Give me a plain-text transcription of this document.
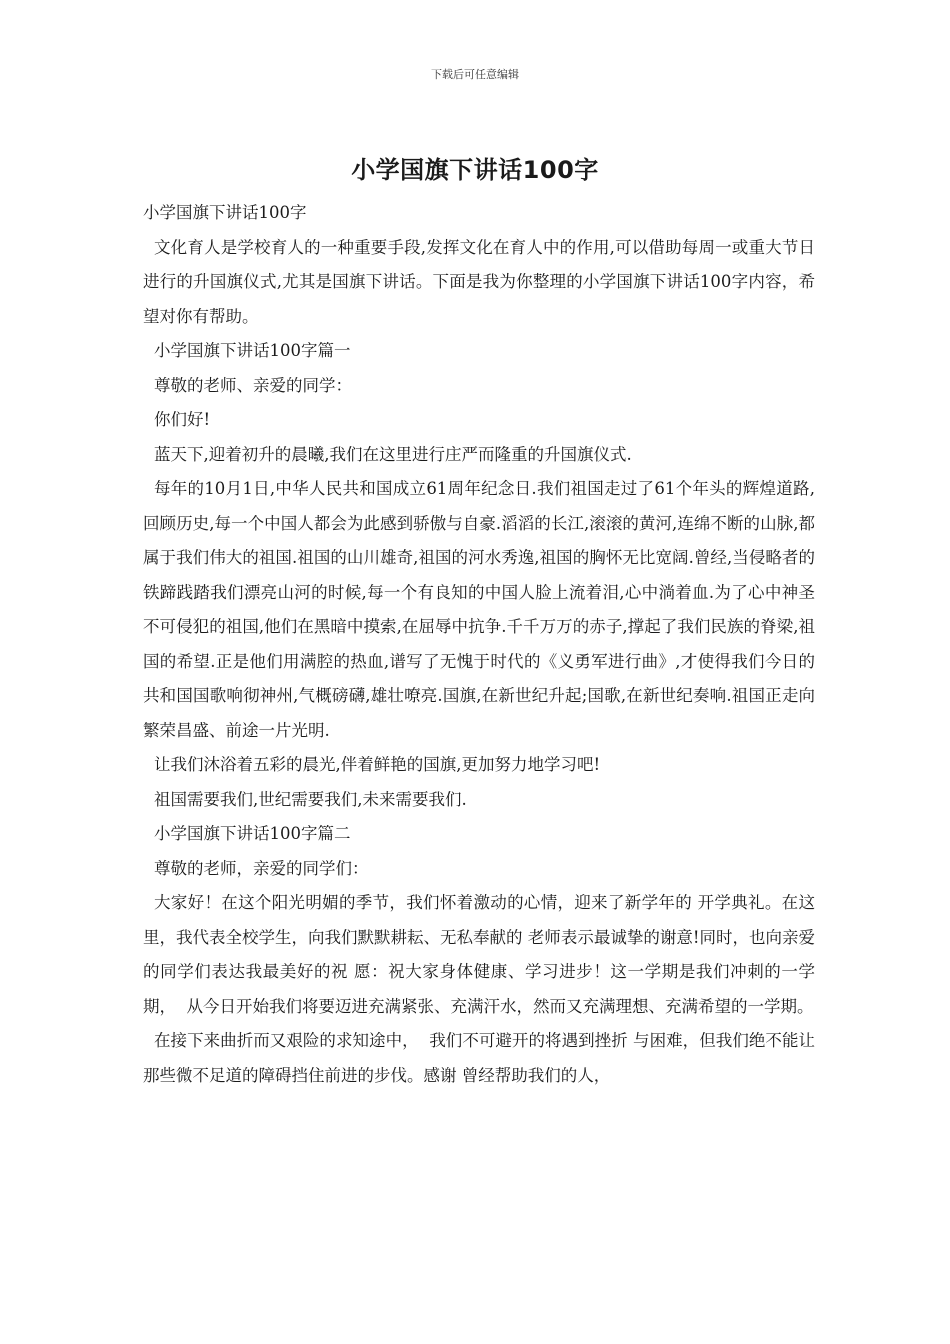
下载后可任意编辑
小学国旗下讲话100字

小学国旗下讲话100字

文化育人是学校育人的一种重要手段,发挥文化在育人中的作用,可以借助每周一或重大节日进行的升国旗仪式,尤其是国旗下讲话。下面是我为你整理的小学国旗下讲话100字内容，希望对你有帮助。

小学国旗下讲话100字篇一

尊敬的老师、亲爱的同学：

你们好!

蓝天下,迎着初升的晨曦,我们在这里进行庄严而隆重的升国旗仪式.

每年的10月1日,中华人民共和国成立61周年纪念日.我们祖国走过了61个年头的辉煌道路,回顾历史,每一个中国人都会为此感到骄傲与自豪.滔滔的长江,滚滚的黄河,连绵不断的山脉,都属于我们伟大的祖国.祖国的山川雄奇,祖国的河水秀逸,祖国的胸怀无比宽阔.曾经,当侵略者的铁蹄践踏我们漂亮山河的时候,每一个有良知的中国人脸上流着泪,心中淌着血.为了心中神圣不可侵犯的祖国,他们在黑暗中摸索,在屈辱中抗争.千千万万的赤子,撑起了我们民族的脊梁,祖国的希望.正是他们用满腔的热血,谱写了无愧于时代的《义勇军进行曲》,才使得我们今日的共和国国歌响彻神州,气概磅礴,雄壮嘹亮.国旗,在新世纪升起;国歌,在新世纪奏响.祖国正走向繁荣昌盛、前途一片光明.

让我们沐浴着五彩的晨光,伴着鲜艳的国旗,更加努力地学习吧!

祖国需要我们,世纪需要我们,未来需要我们.

小学国旗下讲话100字篇二

尊敬的老师，亲爱的同学们：

大家好！在这个阳光明媚的季节，我们怀着激动的心情，迎来了新学年的 开学典礼。在这里，我代表全校学生，向我们默默耕耘、无私奉献的 老师表示最诚挚的谢意!同时，也向亲爱的同学们表达我最美好的祝 愿：祝大家身体健康、学习进步！这一学期是我们冲刺的一学期，  从今日开始我们将要迈进充满紧张、充满汗水，然而又充满理想、充满希望的一学期。

在接下来曲折而又艰险的求知途中，  我们不可避开的将遇到挫折 与困难，但我们绝不能让那些微不足道的障碍挡住前进的步伐。感谢 曾经帮助我们的人，
